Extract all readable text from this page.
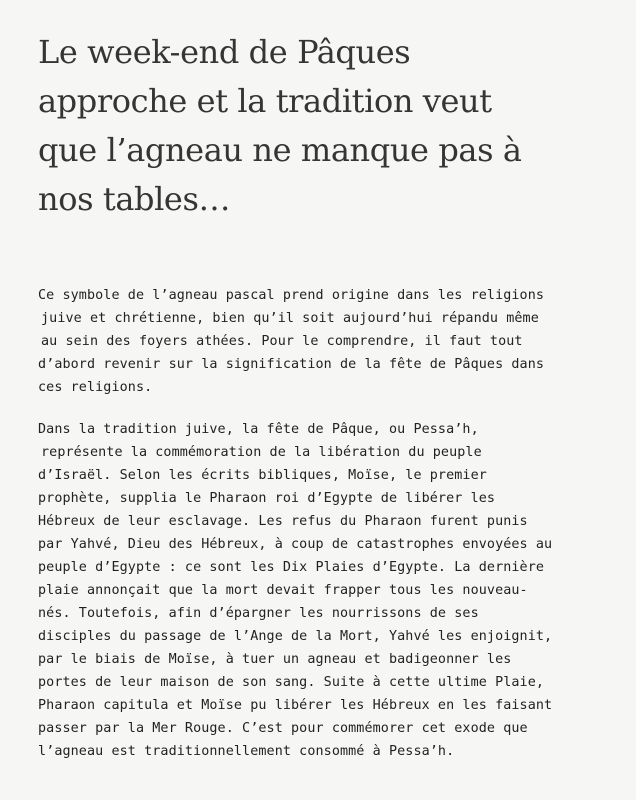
Le week-end de Pâques
approche et la tradition veut
que l’agneau ne manque pas à
nos tables…

Ce symbole de l’agneau pascal prend origine dans les religions
juive et chrétienne, bien qu’il soit aujourd’hui répandu même
au sein des foyers athées. Pour le comprendre, il faut tout
d’abord revenir sur la signification de la fête de Pâques dans
ces religions.

Dans la tradition juive, la fête de Pâque, ou Pessa’h,
représente la commémoration de la libération du peuple
d’Israël. Selon les écrits bibliques, Moïse, le premier
prophète, supplia le Pharaon roi d’Egypte de libérer les
Hébreux de leur esclavage. Les refus du Pharaon furent punis
par Yahvé, Dieu des Hébreux, à coup de catastrophes envoyées au
peuple d’Egypte : ce sont les Dix Plaies d’Egypte. La dernière
plaie annonçait que la mort devait frapper tous les nouveau-
nés. Toutefois, afin d’épargner les nourrissons de ses
disciples du passage de l’Ange de la Mort, Yahvé les enjoignit,
par le biais de Moïse, à tuer un agneau et badigeonner les
portes de leur maison de son sang. Suite à cette ultime Plaie,
Pharaon capitula et Moïse pu libérer les Hébreux en les faisant
passer par la Mer Rouge. C’est pour commémorer cet exode que
l’agneau est traditionnellement consommé à Pessa’h.
